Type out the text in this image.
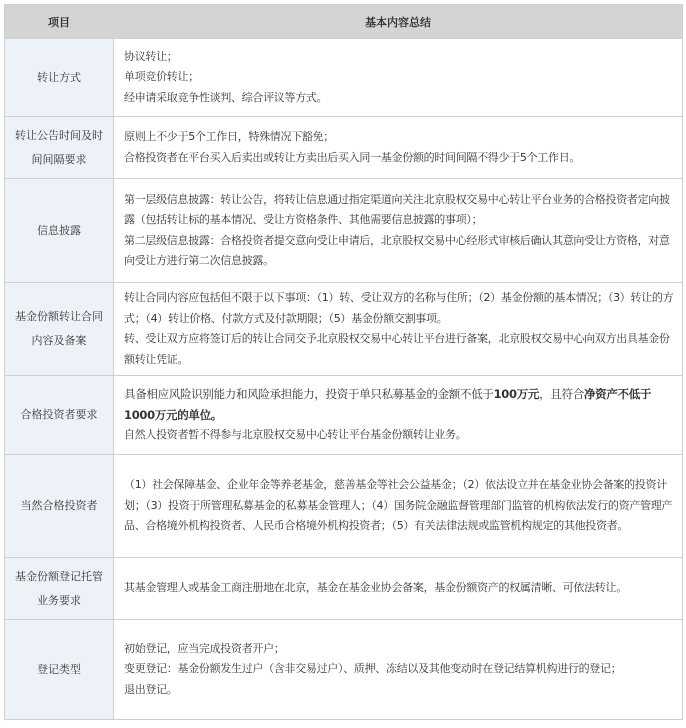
项目	基本内容总结
转让方式	协议转让；

单项竞价转让；

经申请采取竞争性谈判、综合评议等方式。

转让公告时间及时间间隔要求	原则上不少于5个工作日，特殊情况下豁免；

合格投资者在平台买入后卖出或转让方卖出后买入同一基金份额的时间间隔不得少于5个工作日。

信息披露	第一层级信息披露：转让公告，将转让信息通过指定渠道向关注北京股权交易中心转让平台业务的合格投资者定向披露（包括转让标的基本情况、受让方资格条件、其他需要信息披露的事项）；

第二层级信息披露：合格投资者提交意向受让申请后，北京股权交易中心经形式审核后确认其意向受让方资格，对意向受让方进行第二次信息披露。

基金份额转让合同内容及备案	转让合同内容应包括但不限于以下事项：（1）转、受让双方的名称与住所；（2）基金份额的基本情况；（3）转让的方式；（4）转让价格、付款方式及付款期限；（5）基金份额交割事项。

转、受让双方应将签订后的转让合同交予北京股权交易中心转让平台进行备案，北京股权交易中心向双方出具基金份额转让凭证。

合格投资者要求	具备相应风险识别能力和风险承担能力，投资于单只私募基金的金额不低于100万元，且符合净资产不低于1000万元的单位。

自然人投资者暂不得参与北京股权交易中心转让平台基金份额转让业务。

当然合格投资者	（1）社会保障基金、企业年金等养老基金，慈善基金等社会公益基金；（2）依法设立并在基金业协会备案的投资计划；（3）投资于所管理私募基金的私募基金管理人；（4）国务院金融监督管理部门监管的机构依法发行的资产管理产品、合格境外机构投资者、人民币合格境外机构投资者；（5）有关法律法规或监管机构规定的其他投资者。

基金份额登记托管业务要求	其基金管理人或基金工商注册地在北京，基金在基金业协会备案，基金份额资产的权属清晰、可依法转让。

登记类型	初始登记，应当完成投资者开户；

变更登记：基金份额发生过户（含非交易过户）、质押、冻结以及其他变动时在登记结算机构进行的登记；

退出登记。
